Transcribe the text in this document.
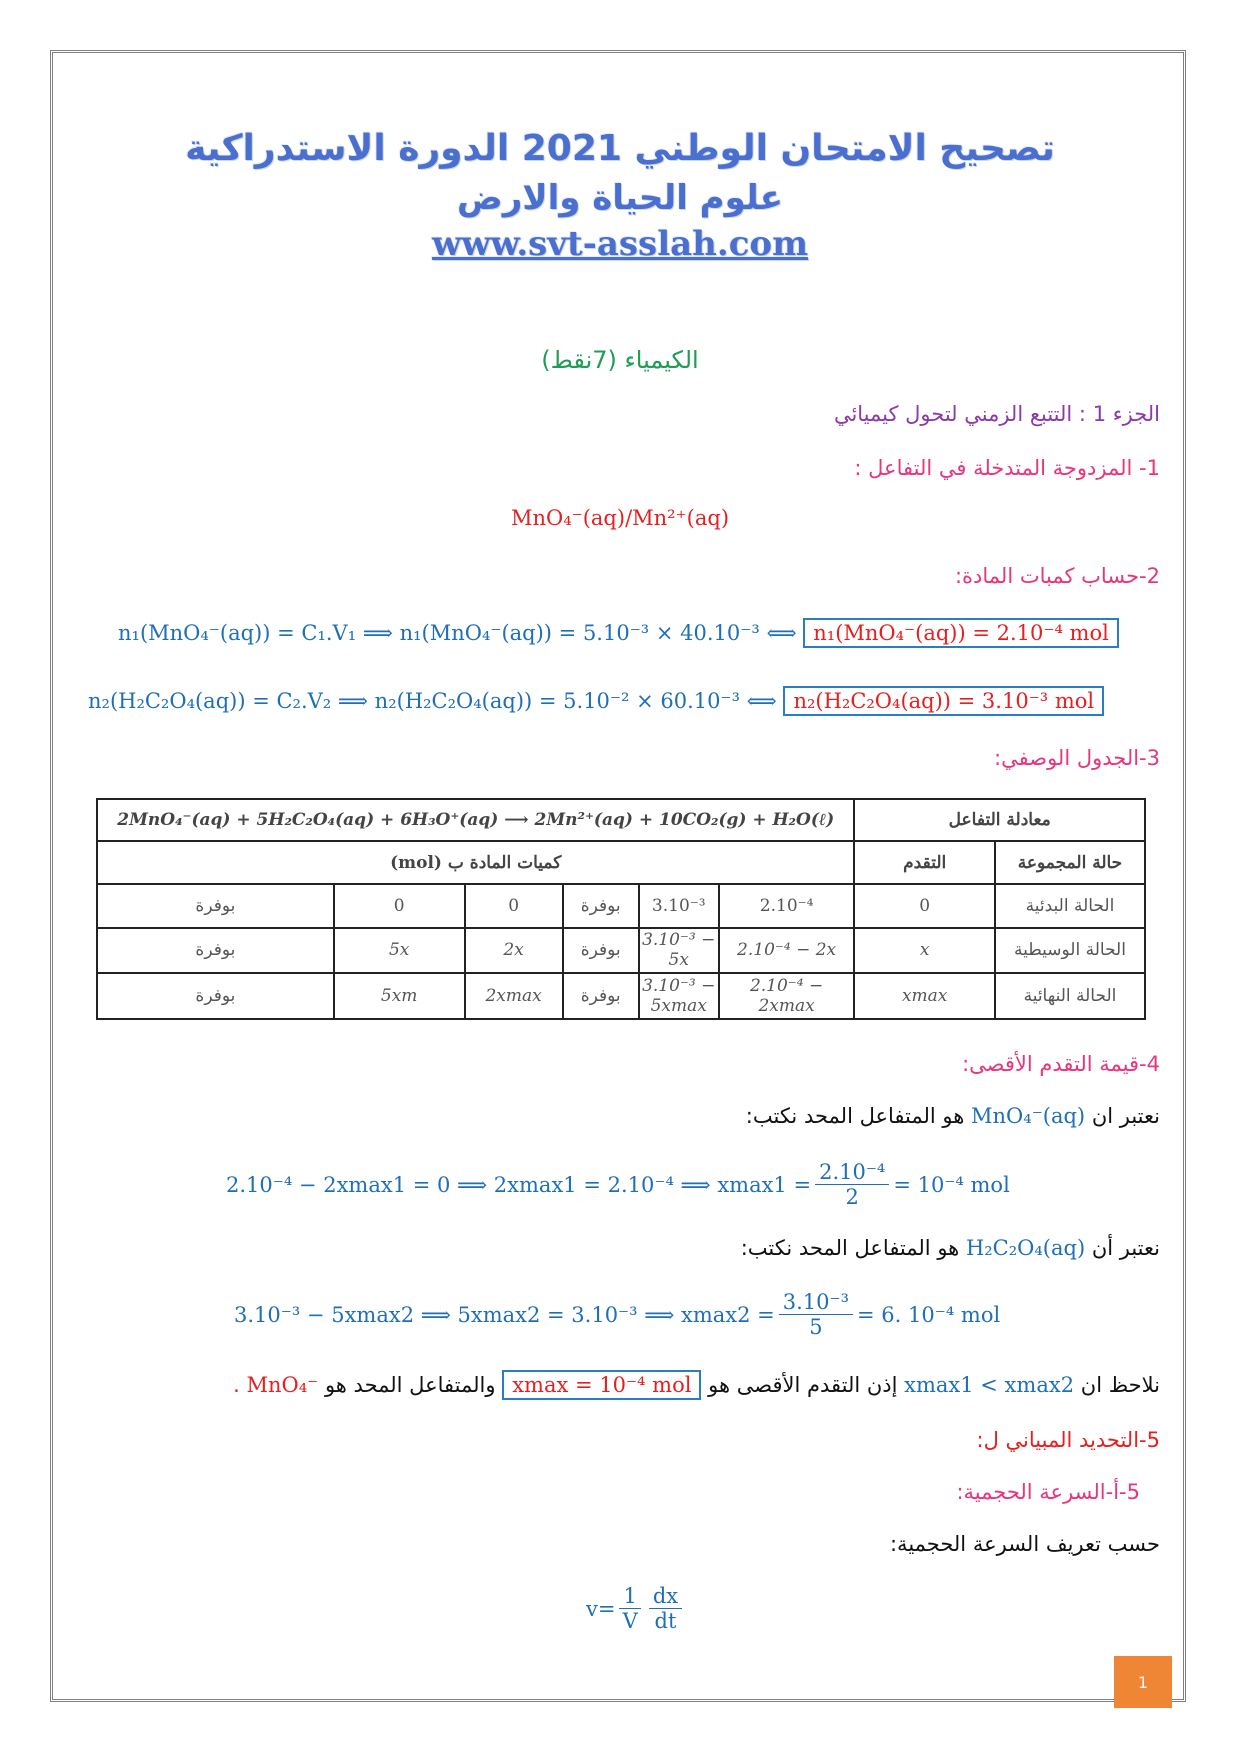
تصحيح الامتحان الوطني 2021 الدورة الاستدراكية
علوم الحياة والارض
www.svt-asslah.com
الكيمياء (7نقط)
الجزء 1 : التتبع الزمني لتحول كيميائي
1- المزدوجة المتدخلة في التفاعل :
MnO₄⁻(aq)/Mn²⁺(aq)
2-حساب كمبات المادة:
n₁(MnO₄⁻(aq)) = C₁.V₁ ⟹ n₁(MnO₄⁻(aq)) = 5.10⁻³ × 40.10⁻³ ⟺ n₁(MnO₄⁻(aq)) = 2.10⁻⁴ mol
n₂(H₂C₂O₄(aq)) = C₂.V₂ ⟹ n₂(H₂C₂O₄(aq)) = 5.10⁻² × 60.10⁻³ ⟺ n₂(H₂C₂O₄(aq)) = 3.10⁻³ mol
3-الجدول الوصفي:
2MnO₄⁻(aq) + 5H₂C₂O₄(aq) + 6H₃O⁺(aq) ⟶ 2Mn²⁺(aq) + 10CO₂(g) + H₂O(ℓ)						معادلة التفاعل	
كميات المادة ب (mol)						التقدم	حالة المجموعة
بوفرة	0	0	بوفرة	3.10⁻³	2.10⁻⁴	0	الحالة البدئية
بوفرة	5x	2x	بوفرة	3.10⁻³ − 5x	2.10⁻⁴ − 2x	x	الحالة الوسيطية
بوفرة	5xm	2xmax	بوفرة	3.10⁻³ − 5xmax	2.10⁻⁴ − 2xmax	xmax	الحالة النهائية
4-قيمة التقدم الأقصى:
نعتبر ان MnO₄⁻(aq) هو المتفاعل المحد نكتب:
2.10⁻⁴ − 2xmax1 = 0 ⟹ 2xmax1 = 2.10⁻⁴ ⟹ $xmax1 = \frac{\text{2.10⁻⁴}}{2} = 10^{-4}$ mol
نعتبر أن H₂C₂O₄(aq) هو المتفاعل المحد نكتب:
3.10⁻³ − 5xmax2 ⟹ 5xmax2 = 3.10⁻³ ⟹ $xmax2 = \frac{\text{3.10⁻³}}{5} = 6$. 10⁻⁴ mol
نلاحظ ان xmax1 < xmax2 إذن التقدم الأقصى هو xmax = 10⁻⁴ mol والمتفاعل المحد هو MnO₄⁻ .
5-التحديد المبياني ل:
5-أ-السرعة الحجمية:
حسب تعريف السرعة الحجمية:
$v= \frac{1}{V} \frac{dx}{dt}$
1
